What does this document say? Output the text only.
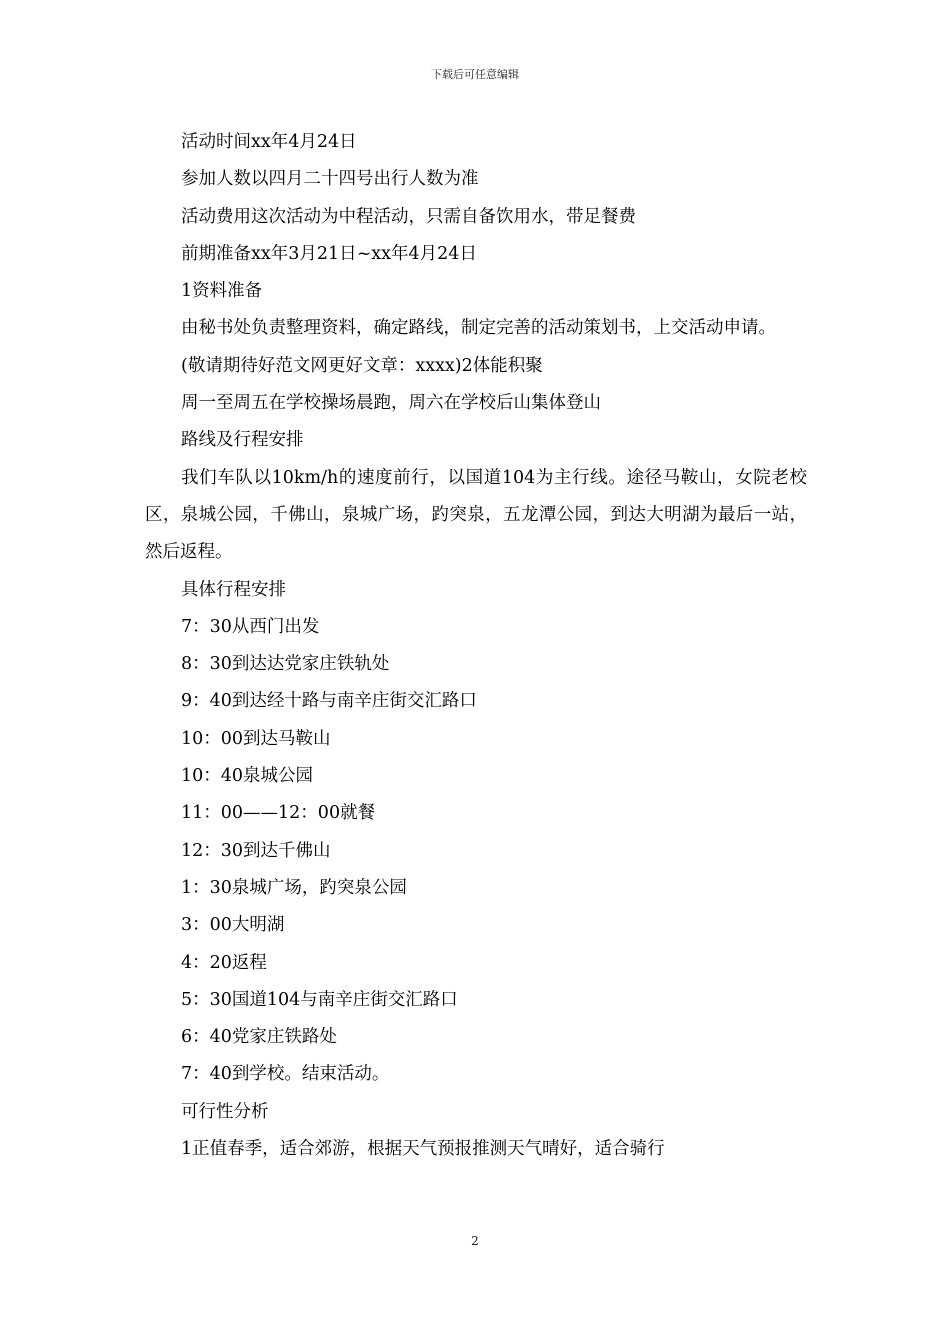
下载后可任意编辑

活动时间xx年4月24日

参加人数以四月二十四号出行人数为准

活动费用这次活动为中程活动，只需自备饮用水，带足餐费

前期准备xx年3月21日~xx年4月24日

1资料准备

由秘书处负责整理资料，确定路线，制定完善的活动策划书，上交活动申请。

(敬请期待好范文网更好文章：xxxx)2体能积聚

周一至周五在学校操场晨跑，周六在学校后山集体登山

路线及行程安排

我们车队以10km/h的速度前行，以国道104为主行线。途径马鞍山，女院老校区，泉城公园，千佛山，泉城广场，趵突泉，五龙潭公园，到达大明湖为最后一站，然后返程。

具体行程安排

7：30从西门出发

8：30到达达党家庄铁轨处

9：40到达经十路与南辛庄街交汇路口

10：00到达马鞍山

10：40泉城公园

11：00——12：00就餐

12：30到达千佛山

1：30泉城广场，趵突泉公园

3：00大明湖

4：20返程

5：30国道104与南辛庄街交汇路口

6：40党家庄铁路处

7：40到学校。结束活动。

可行性分析

1正值春季，适合郊游，根据天气预报推测天气晴好，适合骑行

2
